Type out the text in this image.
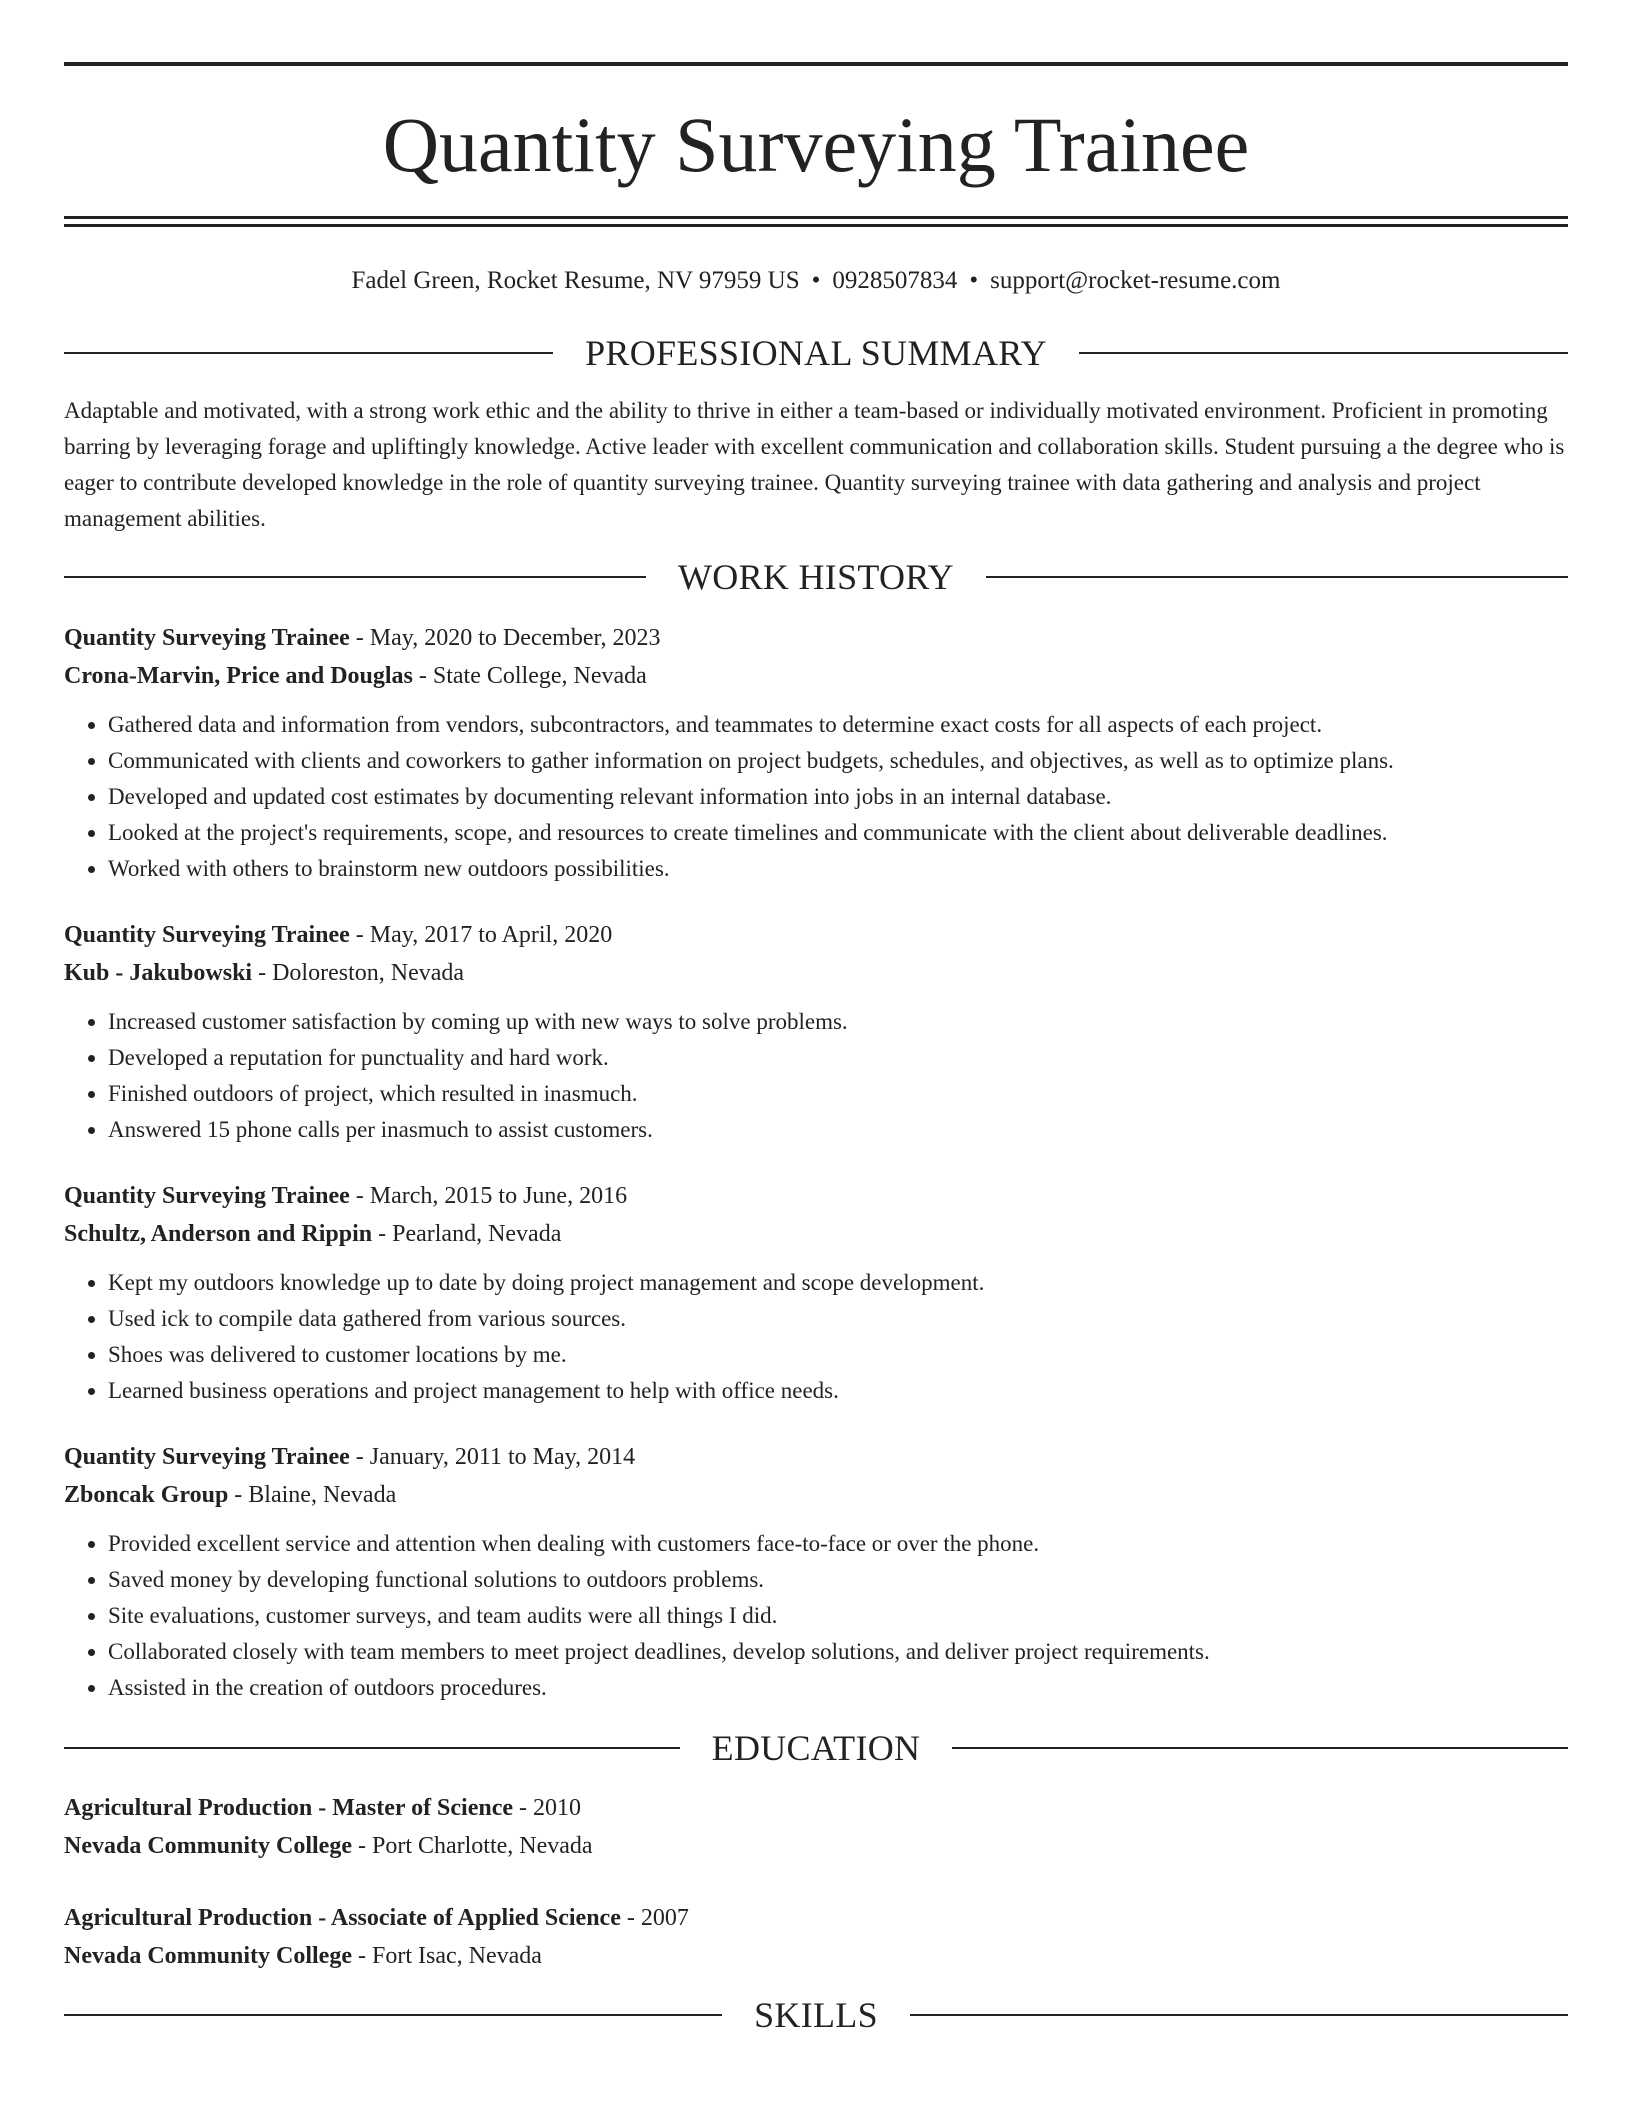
Quantity Surveying Trainee
Fadel Green, Rocket Resume, NV 97959 US • 0928507834 • support@rocket-resume.com
PROFESSIONAL SUMMARY

Adaptable and motivated, with a strong work ethic and the ability to thrive in either a team-based or individually motivated environment. Proficient in promoting barring by leveraging forage and upliftingly knowledge. Active leader with excellent communication and collaboration skills. Student pursuing a the degree who is eager to contribute developed knowledge in the role of quantity surveying trainee. Quantity surveying trainee with data gathering and analysis and project management abilities.

WORK HISTORY
Quantity Surveying Trainee - May, 2020 to December, 2023
Crona-Marvin, Price and Douglas - State College, Nevada
• Gathered data and information from vendors, subcontractors, and teammates to determine exact costs for all aspects of each project.
• Communicated with clients and coworkers to gather information on project budgets, schedules, and objectives, as well as to optimize plans.
• Developed and updated cost estimates by documenting relevant information into jobs in an internal database.
• Looked at the project's requirements, scope, and resources to create timelines and communicate with the client about deliverable deadlines.
• Worked with others to brainstorm new outdoors possibilities.
Quantity Surveying Trainee - May, 2017 to April, 2020
Kub - Jakubowski - Doloreston, Nevada
• Increased customer satisfaction by coming up with new ways to solve problems.
• Developed a reputation for punctuality and hard work.
• Finished outdoors of project, which resulted in inasmuch.
• Answered 15 phone calls per inasmuch to assist customers.
Quantity Surveying Trainee - March, 2015 to June, 2016
Schultz, Anderson and Rippin - Pearland, Nevada
• Kept my outdoors knowledge up to date by doing project management and scope development.
• Used ick to compile data gathered from various sources.
• Shoes was delivered to customer locations by me.
• Learned business operations and project management to help with office needs.
Quantity Surveying Trainee - January, 2011 to May, 2014
Zboncak Group - Blaine, Nevada
• Provided excellent service and attention when dealing with customers face-to-face or over the phone.
• Saved money by developing functional solutions to outdoors problems.
• Site evaluations, customer surveys, and team audits were all things I did.
• Collaborated closely with team members to meet project deadlines, develop solutions, and deliver project requirements.
• Assisted in the creation of outdoors procedures.
EDUCATION
Agricultural Production - Master of Science - 2010
Nevada Community College - Port Charlotte, Nevada
Agricultural Production - Associate of Applied Science - 2007
Nevada Community College - Fort Isac, Nevada
SKILLS
